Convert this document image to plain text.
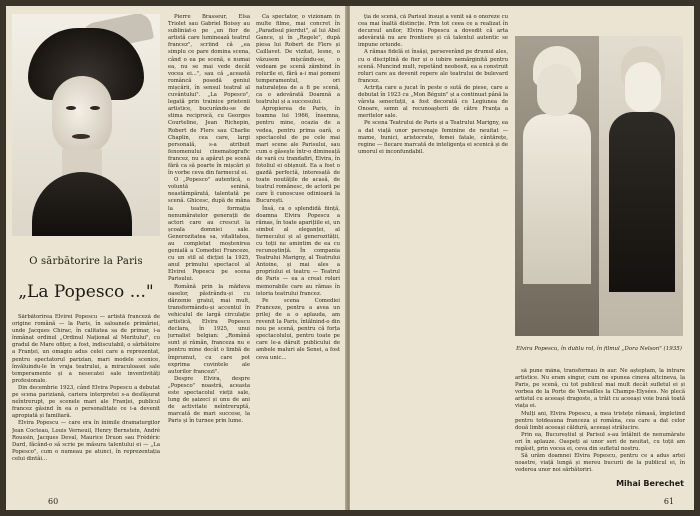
O sărbătorire la Paris
„La Popesco ..."

Sărbătorirea Elvirei Popescu — artistă franceză de origine română — la Paris, în saloanele primăriei, unde Jacques Chirac, în calitatea sa de primar, i-a înmânat ordinul „Ordinul Național al Meritului", cu gradul de Mare ofițer, a fost, indiscutabil, o sărbătoire a Franței, un omagiu adus celei care a reprezentat, pentru spectatorul parizian, mari modele scenice, învăluindu-le în vraja teatrului, a miraculoasei sale temperamente și a nesecatei sale inventivități profesionale.

Din decembrie 1923, când Elvira Popescu a debutat pe scena pariziană, cariera interpretei s-a desfășurat neîntrerupt, pe scenele mari ale Franței, publicul francez găsind în ea o personalitate ce i-a devenit apropiată și familiară.

Elvira Popescu — care era în inimile dramaturgilor Jean Cocteau, Louis Verneuil, Henry Bernstein, André Roussin, Jacques Deval, Maurice Druon sau Frédéric Dard, făcând-o să scrie pe măsura talentului ei — „La Popesco", cum o numeau pe atunci, în reprezentația celui dintâi...

Pierre Brasseur, Elsa Triolet sau Gabriel Boissy au subliniat-o pe „un fior de artistă care luminează teatrul francez", scriind că „ea simplu ce pare domina scena, când o ea pe scenă, e numai ea, nu se mai vede decât vocea ei...", sau că „această româncă posedă geniul mișcării, în sensul teatral al cuvântului". „La Popesco", legată prin trainice prietenii artistice, bucurându-se de stima reciprocă, cu Georges Courteline, Jean Richepin, Robert de Flers sau Charlie Chaplin, cea care, largi personală, s-a atribuit fenomenului cinematografic francez, nu a apărut pe scenă fără ca să poarte în mișcări și în vorbe ceva din farmecul ei.

O „Popesco" autentică, o voluntă senină, neastâmpărată, talentată pe scenă. Ghicesc, după de mâna la teatru, formația nenumăratelor generații de actori care au crescut la școala domniei sale. Generozitatea sa, vitalitatea, au completat moștenirea genială a Comediei Franceze, cu un stil al dicției la 1925, anul primului spectacol al Elvirei Popescu pe scena Parisului.

Română prin la măduva oaselor, păstrându-și cu dârzenie graiul, mai mult, transformându-și accentul în vehiculul de largă circulație artistică, Elvira Popescu declara, în 1925, unui jurnalist belgian: „Română sunt și rămân, franceza nu e pentru mine decât o limbă de împrumut, cu care pot exprima cuvintele ale autorilor francezi".

Despre Elvira, despre „Popesco" noastră, aceasta este spectacolul vieții sale, lung de șaizeci și unu de ani de activitate neîntreruptă, marcată de mari succese, la Paris și în turnee prin lume.

Ca spectator, o vizionam în multe filme, mai concret în „Paradisul pierdut", al lui Abel Gance, și în „Regele", după piesa lui Robert de Flers și Caillavet. De vizitat, lesne, o văzusem mișcându-se, o vedeam pe scenă zâmbind în rolurile ei, fără a-i mai pomeni temperamentul, ori naturalețea de a fi pe scenă, ca o adevărată Doamnă a teatrului și a succesului.

Apropierea de Paris, în toamna lui 1966, însemna, pentru mine, ocazia de a vedea, pentru prima oară, o spectacolul de pe cele mai mari scene ale Parisului, sau cum o găsește într-o dimineață de vară cu trandafiri, Elvira, în fotoliul ei obișnuit. Ea a fost o gazdă perfectă, interesată de toate noutățile de acasă, de teatrul românesc, de actorii pe care îi cunoscuse odinioară la București.

Însă, ca o splendidă ființă, doamna Elvira Popescu a rămas, în toate aparițiile ei, un simbol al eleganței, al farmecului și al generozității, cu toții ne amintim de ea cu recunoștință. În compania Teatrului Marigny, al Teatrului Antoine, și mai ales a propriului ei teatru — Teatrul de Paris — ea a creat roluri memorabile care au rămas în istoria teatrului francez.

Pe scena Comediei Franceze, pentru a avea un prilej de a o aplauda, am revenit la Paris, întâlnind-o din nou pe scenă, pentru că forța spectacolului, pentru toate pe care le-a dăruit publicului de ambele maluri ale Senei, a fost ceva unic...

60

ția de scenă, că Parisul însuși a venit să o onoreze cu cea mai înaltă distincție. Prin tot ceea ce a realizat în decursul anilor, Elvira Popescu a dovedit că arta adevărată nu are frontiere și că talentul autentic se impune oriunde.

A rămas fidelă ei însăși, perseverând pe drumul ales, cu o disciplină de fier și o iubire nemărginită pentru scenă. Muncind mult, repetând neobosit, ea a construit roluri care au devenit repere ale teatrului de bulevard francez.

Actrița care a jucat în peste o sută de piese, care a debutat în 1923 cu „Mon Béguin" și a continuat până la vârsta senectuții, a fost decorată cu Legiunea de Onoare, semn al recunoașterii de către Franța a meritelor sale.

Pe scena Teatrului de Paris și a Teatrului Marigny, ea a dat viață unor personaje feminine de neuitat — mame, bunici, aristocrate, femei fatale, cântărețe, regine — fiecare marcată de inteligența ei scenică și de umorul ei inconfundabil.

Elvira Popescu, în dublu rol, în filmul „Dora Nelson" (1935)

să pune mâna, transformau în aur. Ne așteptam, la intrare artistice. Nu eram singur, cum ne spunea cineva altcineva, la Paris, pe scenă, cu tot publicul mai mult decât sufletul ei și vorbea de la Porte de Versailles la Champs-Elysées. Ne plecă artistul cu aceeași dragoste, a trăit cu aceeași voie bună toată viața ei.

Mulți ani, Elvira Popescu, a mea tristețe rămasă, împletind pentru totdeauna franceza și româna, cea care a dat celor două limbi aceeași căldură, aceeași strălucire.

Prin ea, Bucureștiul și Parisul s-au întâlnit de nenumărate ori în aplauze. Oaspeți ai unor seri de neuitat, cu toții am regăsit, prin vocea ei, ceva din sufletul nostru.

Să urăm doamnei Elvira Popescu, pentru ce a adus artei noastre, viață lungă și mereu bucurii de la publicul ei, în vederea unor noi sărbătoriri.

Mihai Berechet
61
